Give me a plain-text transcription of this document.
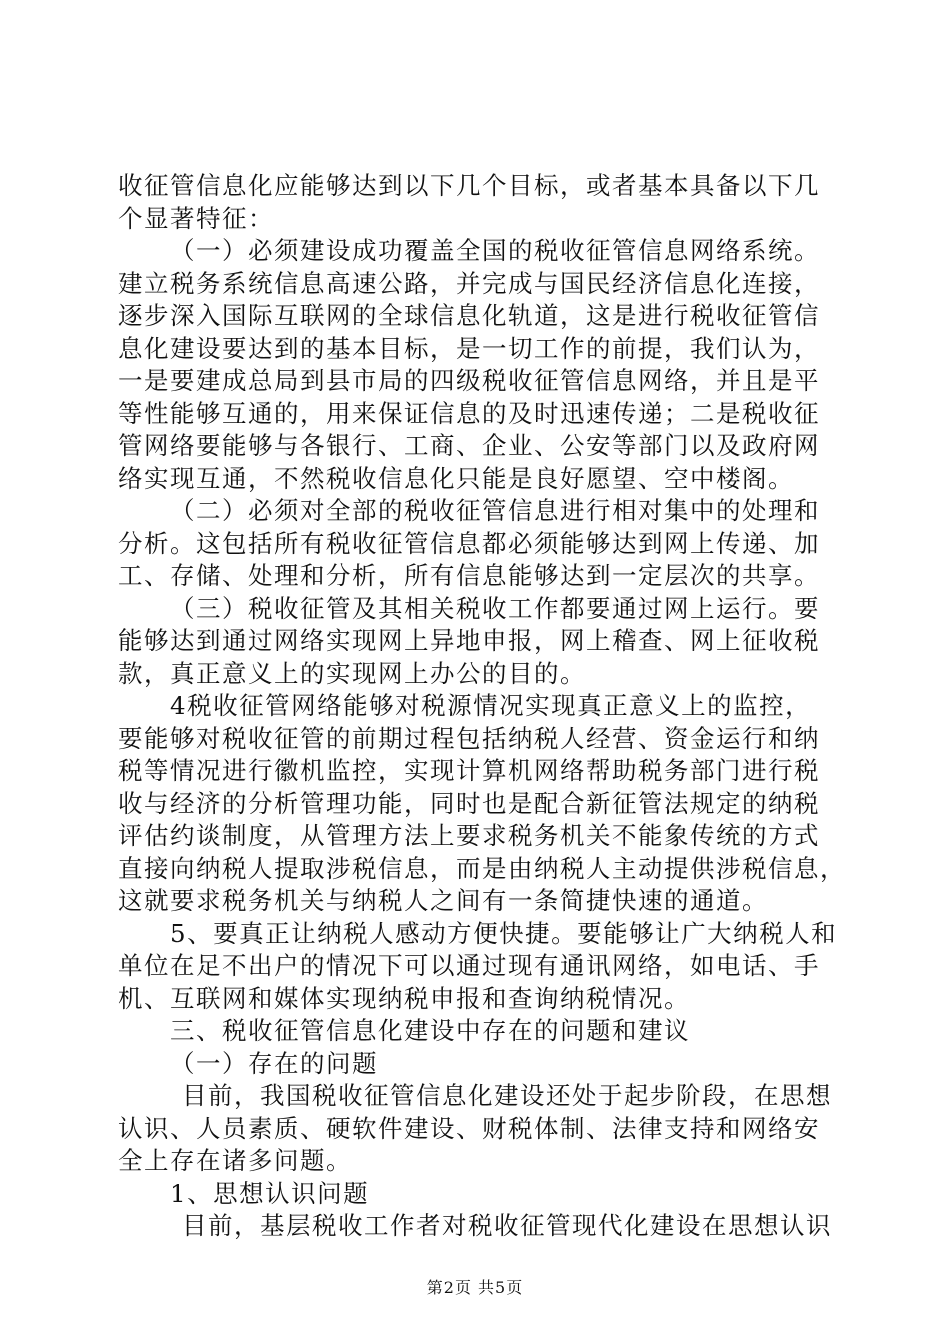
收征管信息化应能够达到以下几个目标，或者基本具备以下几
个显著特征：
（一）必须建设成功覆盖全国的税收征管信息网络系统。
建立税务系统信息高速公路，并完成与国民经济信息化连接，
逐步深入国际互联网的全球信息化轨道，这是进行税收征管信
息化建设要达到的基本目标，是一切工作的前提，我们认为，
一是要建成总局到县市局的四级税收征管信息网络，并且是平
等性能够互通的，用来保证信息的及时迅速传递；二是税收征
管网络要能够与各银行、工商、企业、公安等部门以及政府网
络实现互通，不然税收信息化只能是良好愿望、空中楼阁。
（二）必须对全部的税收征管信息进行相对集中的处理和
分析。这包括所有税收征管信息都必须能够达到网上传递、加
工、存储、处理和分析，所有信息能够达到一定层次的共享。
（三）税收征管及其相关税收工作都要通过网上运行。要
能够达到通过网络实现网上异地申报，网上稽查、网上征收税
款，真正意义上的实现网上办公的目的。
4税收征管网络能够对税源情况实现真正意义上的监控，
要能够对税收征管的前期过程包括纳税人经营、资金运行和纳
税等情况进行徽机监控，实现计算机网络帮助税务部门进行税
收与经济的分析管理功能，同时也是配合新征管法规定的纳税
评估约谈制度，从管理方法上要求税务机关不能象传统的方式
直接向纳税人提取涉税信息，而是由纳税人主动提供涉税信息，
这就要求税务机关与纳税人之间有一条简捷快速的通道。
5、要真正让纳税人感动方便快捷。要能够让广大纳税人和
单位在足不出户的情况下可以通过现有通讯网络，如电话、手
机、互联网和媒体实现纳税申报和查询纳税情况。
三、税收征管信息化建设中存在的问题和建议
（一）存在的问题
目前，我国税收征管信息化建设还处于起步阶段，在思想
认识、人员素质、硬软件建设、财税体制、法律支持和网络安
全上存在诸多问题。
1、思想认识问题
目前，基层税收工作者对税收征管现代化建设在思想认识
第2页 共5页
